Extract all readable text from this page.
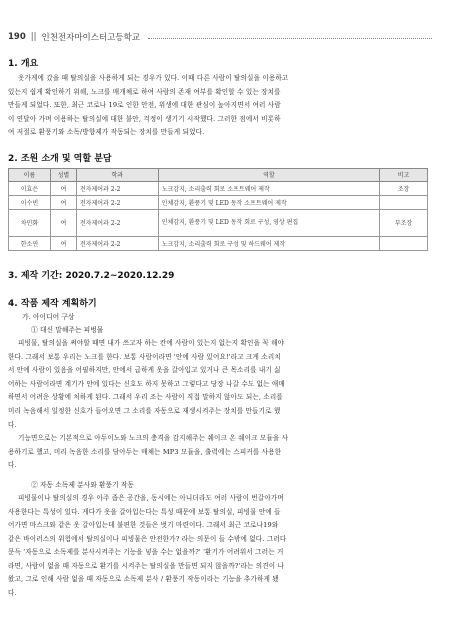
190 || 인천전자마이스터고등학교

1. 개요

옷가게에 갔을 때 탈의실을 사용하게 되는 경우가 있다. 이때 다른 사람이 탈의실을 이용하고

있는지 쉽게 확인하기 위해, 노크를 매개체로 하여 사람의 존재 여부를 확인할 수 있는 장치를

만들게 되었다. 또한, 최근 코로나 19로 인한 안전, 위생에 대한 관심이 높아지면서 여러 사람

이 연달아 가며 이용하는 탈의실에 대한 불안, 걱정이 생기기 시작했다. 그러한 점에서 비롯하

여 저절로 환풍기와 소독/방향제가 작동되는 장치를 만들게 되었다.

2. 조원 소개 및 역할 분담

이름	성별	학과	역할	비고
이효은	여	전자제어과 2-2	노크감지, 소리출력 회로 소프트웨어 제작	조장
이수빈	여	전자제어과 2-2	인체감지, 환풍기 및 LED 동작 소프트웨어 제작	
차민화	여	전자제어과 2-2	인체감지, 환풍기 및 LED 동작 회로 구성, 영상 편집	부조장
한소연	여	전자제어과 2-2	노크감지, 소리출력 회로 구성 및 하드웨어 제작	

3. 제작 기간: 2020.7.2~2020.12.29

4. 작품 제작 계획하기

가. 아이디어 구상

① 대신 말해주는 피벙물

피빙물, 탈의실을 써야할 때면 내가 쓰고자 하는 칸에 사람이 있는지 없는지 확인을 꼭 해야

한다. 그래서 보통 우리는 노크를 한다. 보통 사람이라면 '안에 사람 있어요!'라고 크게 소리치

서 안에 사람이 있음을 어필하지만, 안에서 급하게 옷을 갈아입고 있거나 큰 목소리를 내기 싫

어하는 사람이라면 계기가 안에 있다는 신호도 하지 못하고 그렇다고 당장 나갈 수도 없는 애매

하면서 어려운 상황에 처하게 된다. 그래서 우리 조는 사람이 직접 말하지 않아도 되는, 소리를

미리 녹음해서 일정한 신호가 들어오면 그 소리를 자동으로 재생시켜주는 장치를 만들기로 했

다.

기능면으로는 기본적으로 아두이노와 노크의 충격을 감지해주는 쉐이크 온 쉐이크 모듈을 사

용하기로 했고, 미리 녹음한 소리를 담아두는 매체는 MP3 모듈을, 출력에는 스피커를 사용한

다.

② 자동 소독제 분사와 환풍기 작동

피빙물이나 탈의실의 경우 아주 좁은 공간을, 동시에는 아니더라도 여러 사람이 번갈아가며

사용한다는 특성이 있다. 게다가 옷을 갈아입는다는 특성 때문에 보통 탈의실, 피빙물 안에 들

어가면 마스크와 같은 옷 갈아입는데 불편한 것들은 벗기 마련이다. 그래서 최근 코로나19와

같은 바이러스의 위험에서 탈의실이나 피빙물은 안전한가? 라는 의문이 들 수밖에 없다. 그러다

문득 '자동으로 소독제를 분사시켜주는 기능을 넣을 수는 없을까?' '환기가 어려워서 그러는 거

라면, 사람이 없을 때 자동으로 환기를 시켜주는 탈의실을 만들면 되지 않을까?'라는 의견이 나

왔고, 그로 인해 사람 없을 때 자동으로 소독제 분사 / 환풍기 작동이라는 기능을 추가하게 됐

다.
